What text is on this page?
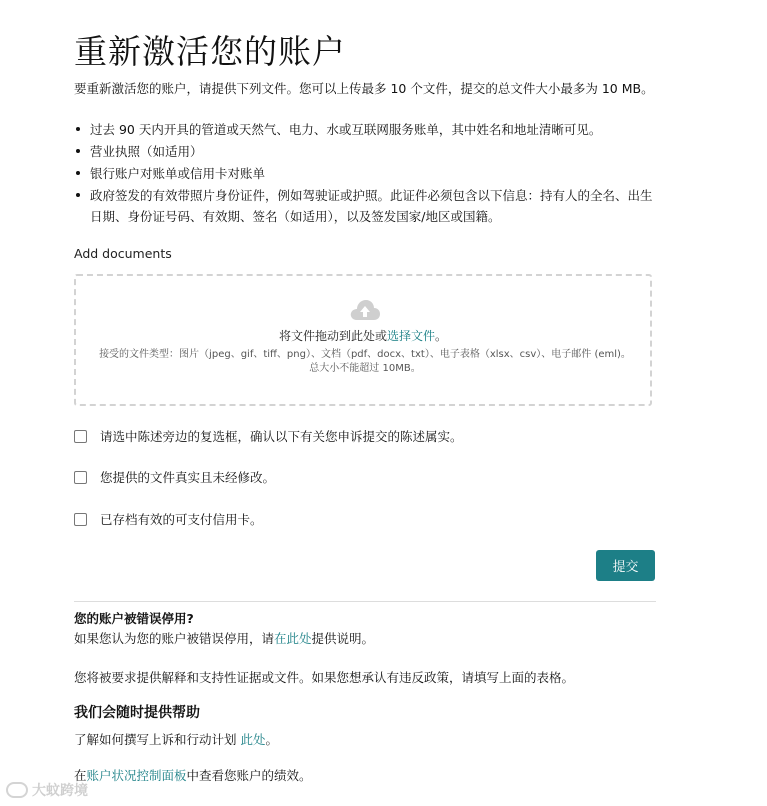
重新激活您的账户
要重新激活您的账户，请提供下列文件。您可以上传最多 10 个文件，提交的总文件大小最多为 10 MB。
过去 90 天内开具的管道或天然气、电力、水或互联网服务账单，其中姓名和地址清晰可见。
营业执照（如适用）
银行账户对账单或信用卡对账单
政府签发的有效带照片身份证件，例如驾驶证或护照。此证件必须包含以下信息：持有人的全名、出生日期、身份证号码、有效期、签名（如适用），以及签发国家/地区或国籍。
Add documents
将文件拖动到此处或选择文件。
接受的文件类型：图片（jpeg、gif、tiff、png）、文档（pdf、docx、txt）、电子表格（xlsx、csv）、电子邮件 (eml)。 总大小不能超过 10MB。
请选中陈述旁边的复选框，确认以下有关您申诉提交的陈述属实。
您提供的文件真实且未经修改。
已存档有效的可支付信用卡。
提交
您的账户被错误停用?
如果您认为您的账户被错误停用，请在此处提供说明。
您将被要求提供解释和支持性证据或文件。如果您想承认有违反政策，请填写上面的表格。
我们会随时提供帮助
了解如何撰写上诉和行动计划 此处。
在账户状况控制面板中查看您账户的绩效。
大蚊跨境
